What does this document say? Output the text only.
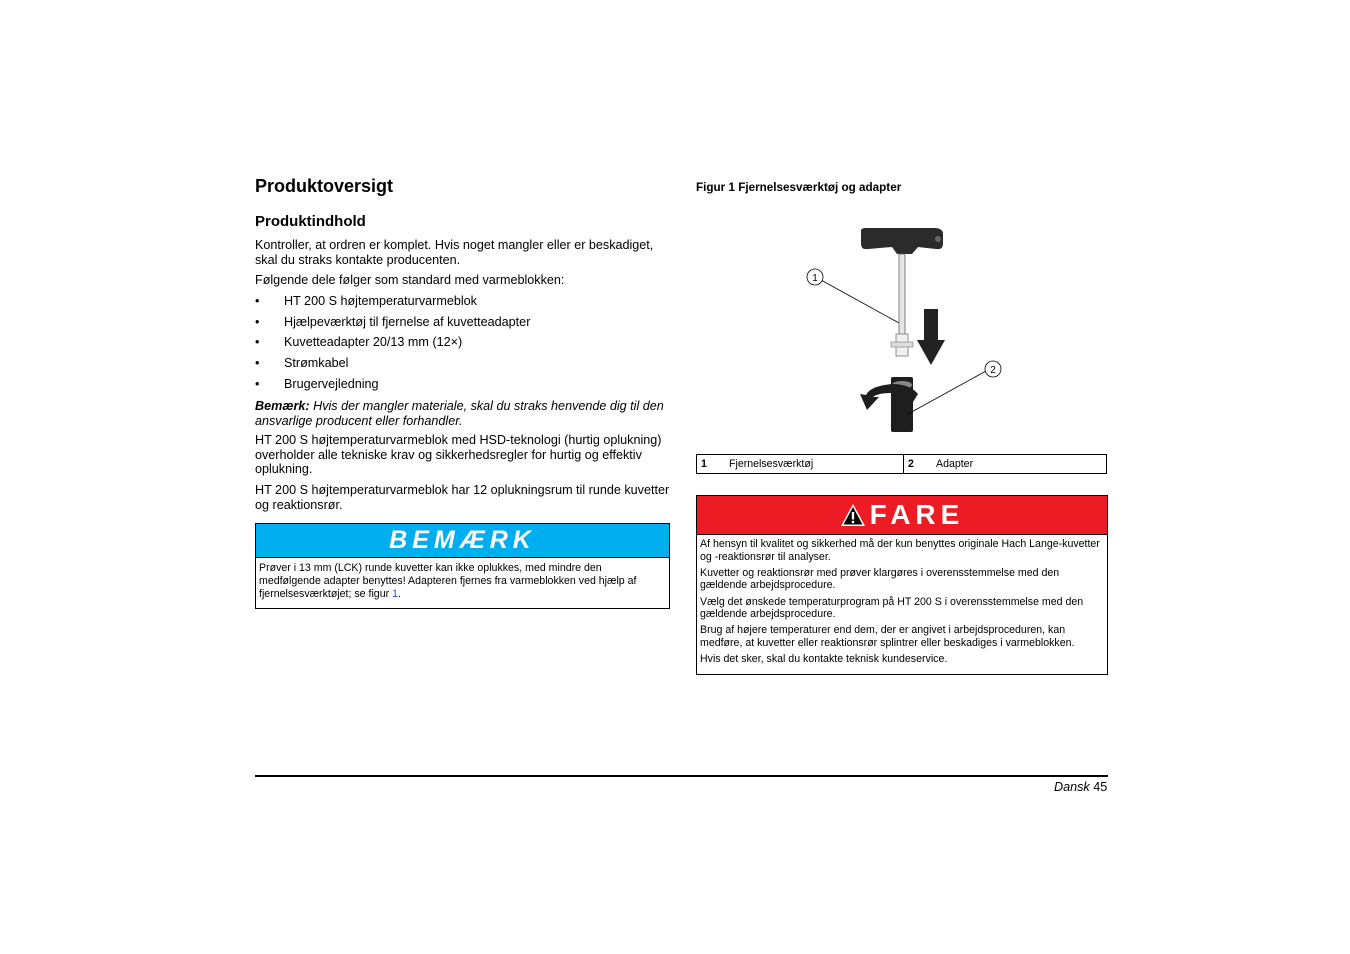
Produktoversigt
Produktindhold

Kontroller, at ordren er komplet. Hvis noget mangler eller er beskadiget, skal du straks kontakte producenten.

Følgende dele følger som standard med varmeblokken:

• HT 200 S højtemperaturvarmeblok
• Hjælpeværktøj til fjernelse af kuvetteadapter
• Kuvetteadapter 20/13 mm (12×)
• Strømkabel
• Brugervejledning

Bemærk: Hvis der mangler materiale, skal du straks henvende dig til den ansvarlige producent eller forhandler.

HT 200 S højtemperaturvarmeblok med HSD-teknologi (hurtig oplukning) overholder alle tekniske krav og sikkerhedsregler for hurtig og effektiv oplukning.

HT 200 S højtemperaturvarmeblok har 12 oplukningsrum til runde kuvetter og reaktionsrør.

BEMÆRK
Prøver i 13 mm (LCK) runde kuvetter kan ikke oplukkes, med mindre den medfølgende adapter benyttes! Adapteren fjernes fra varmeblokken ved hjælp af fjernelsesværktøjet; se figur 1.

Figur 1 Fjernelsesværktøj og adapter

1
2
1	Fjernelsesværktøj	2	Adapter
FARE

Af hensyn til kvalitet og sikkerhed må der kun benyttes originale Hach Lange-kuvetter og -reaktionsrør til analyser.

Kuvetter og reaktionsrør med prøver klargøres i overensstemmelse med den gældende arbejdsprocedure.

Vælg det ønskede temperaturprogram på HT 200 S i overensstemmelse med den gældende arbejdsprocedure.

Brug af højere temperaturer end dem, der er angivet i arbejdsproceduren, kan medføre, at kuvetter eller reaktionsrør splintrer eller beskadiges i varmeblokken.

Hvis det sker, skal du kontakte teknisk kundeservice.

Dansk 45
